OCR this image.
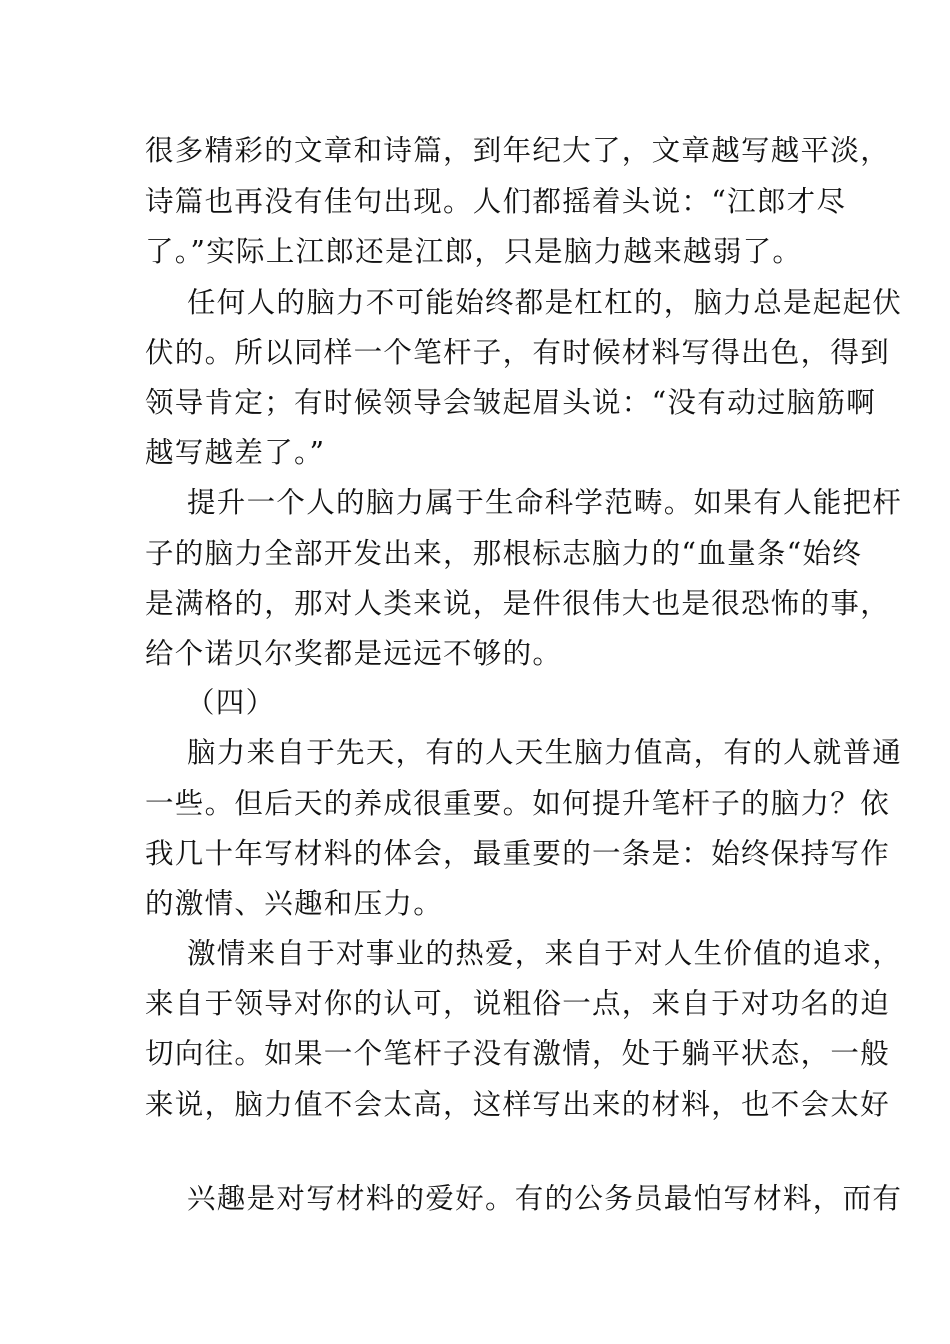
很多精彩的文章和诗篇，到年纪大了，文章越写越平淡，
诗篇也再没有佳句出现。人们都摇着头说：“江郎才尽
了。”实际上江郎还是江郎，只是脑力越来越弱了。
任何人的脑力不可能始终都是杠杠的，脑力总是起起伏
伏的。所以同样一个笔杆子，有时候材料写得出色，得到
领导肯定；有时候领导会皱起眉头说：“没有动过脑筋啊
越写越差了。”
提升一个人的脑力属于生命科学范畴。如果有人能把杆
子的脑力全部开发出来，那根标志脑力的“血量条“始终
是满格的，那对人类来说，是件很伟大也是很恐怖的事，
给个诺贝尔奖都是远远不够的。
（四）
脑力来自于先天，有的人天生脑力值高，有的人就普通
一些。但后天的养成很重要。如何提升笔杆子的脑力？依
我几十年写材料的体会，最重要的一条是：始终保持写作
的激情、兴趣和压力。
激情来自于对事业的热爱，来自于对人生价值的追求，
来自于领导对你的认可，说粗俗一点，来自于对功名的迫
切向往。如果一个笔杆子没有激情，处于躺平状态，一般
来说，脑力值不会太高，这样写出来的材料，也不会太好
兴趣是对写材料的爱好。有的公务员最怕写材料，而有
